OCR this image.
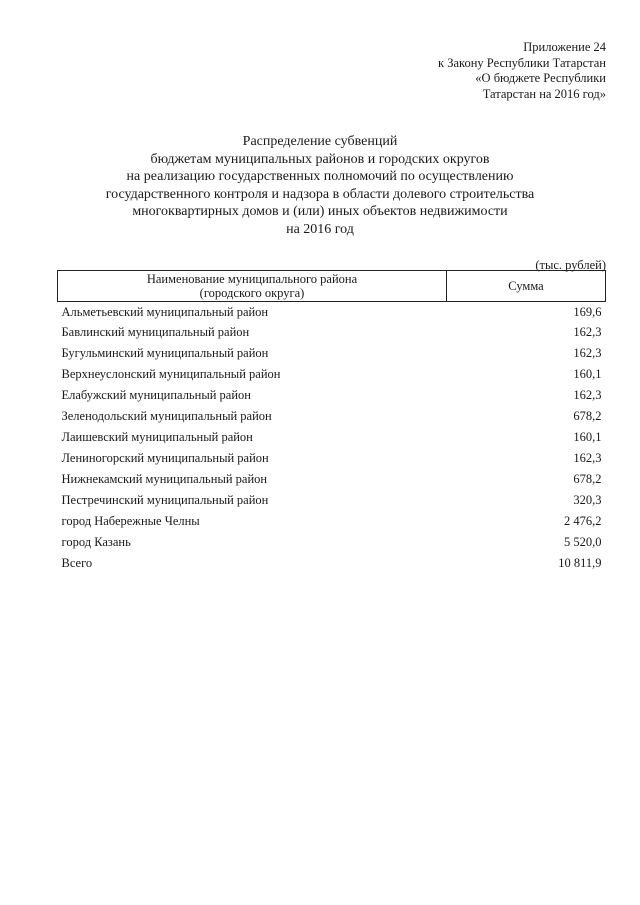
Приложение 24
к Закону Республики Татарстан
«О бюджете Республики
Татарстан на 2016 год»
Распределение субвенций
бюджетам муниципальных районов и городских округов
на реализацию государственных полномочий по осуществлению
государственного контроля и надзора в области долевого строительства
многоквартирных домов и (или) иных объектов недвижимости
на 2016 год
(тыс. рублей)
Наименование муниципального района
(городского округа)	Сумма
Альметьевский муниципальный район	169,6
Бавлинский муниципальный район	162,3
Бугульминский муниципальный район	162,3
Верхнеуслонский муниципальный район	160,1
Елабужский муниципальный район	162,3
Зеленодольский муниципальный район	678,2
Лаишевский муниципальный район	160,1
Лениногорский муниципальный район	162,3
Нижнекамский муниципальный район	678,2
Пестречинский муниципальный район	320,3
город Набережные Челны	2 476,2
город Казань	5 520,0
Всего	10 811,9
